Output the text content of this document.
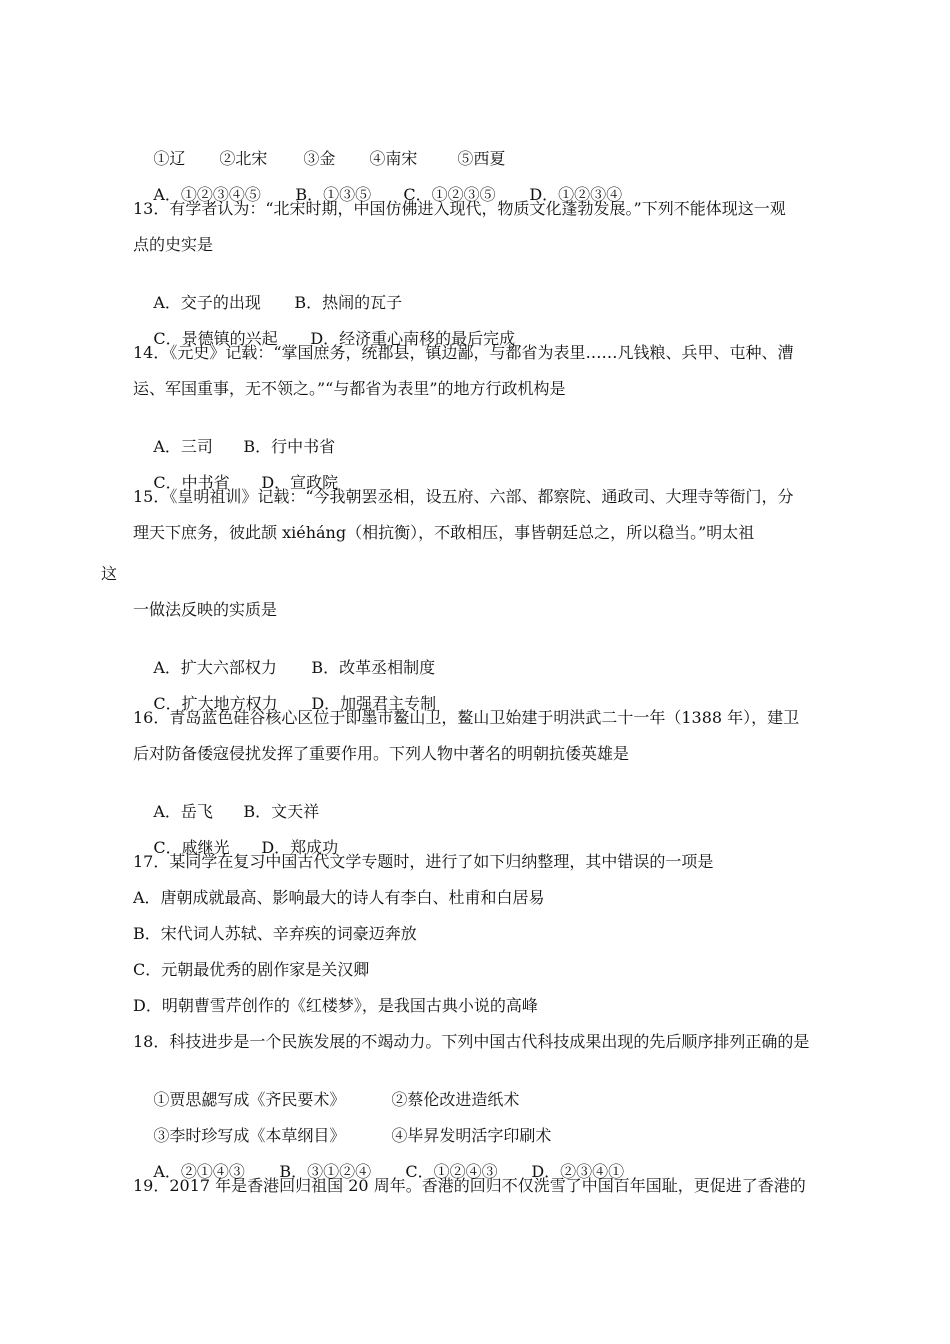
①辽 ②北宋 ③金 ④南宋 ⑤西夏

A．①②③④⑤ B．①③⑤ C．①②③⑤ D．①②③④

13．有学者认为：“北宋时期，中国仿佛进入现代，物质文化蓬勃发展。”下列不能体现这一观
点的史实是

A．交子的出现 B．热闹的瓦子

C．景德镇的兴起 D．经济重心南移的最后完成

14．《元史》记载：“掌国庶务，统郡县，镇边鄙，与都省为表里……凡钱粮、兵甲、屯种、漕
运、军国重事，无不领之。”“与都省为表里”的地方行政机构是

A．三司 B．行中书省

C．中书省 D．宣政院

15．《皇明祖训》记载：“今我朝罢丞相，设五府、六部、都察院、通政司、大理寺等衙门，分
理天下庶务，彼此颉 xiéháng（相抗衡），不敢相压，事皆朝廷总之，所以稳当。”明太祖
这
一做法反映的实质是

A．扩大六部权力 B．改革丞相制度

C．扩大地方权力 D．加强君主专制

16．青岛蓝色硅谷核心区位于即墨市鳌山卫，鳌山卫始建于明洪武二十一年（1388 年），建卫
后对防备倭寇侵扰发挥了重要作用。下列人物中著名的明朝抗倭英雄是

A．岳飞 B．文天祥

C．戚继光 D．郑成功

17．某同学在复习中国古代文学专题时，进行了如下归纳整理，其中错误的一项是
A．唐朝成就最高、影响最大的诗人有李白、杜甫和白居易
B．宋代词人苏轼、辛弃疾的词豪迈奔放
C．元朝最优秀的剧作家是关汉卿
D．明朝曹雪芹创作的《红楼梦》，是我国古典小说的高峰
18．科技进步是一个民族发展的不竭动力。下列中国古代科技成果出现的先后顺序排列正确的是

①贾思勰写成《齐民要术》	②蔡伦改进造纸术

③李时珍写成《本草纲目》	④毕昇发明活字印刷术

A．②①④③ B．③①②④ C．①②④③ D．②③④①

19．2017 年是香港回归祖国 20 周年。香港的回归不仅洗雪了中国百年国耻，更促进了香港的
